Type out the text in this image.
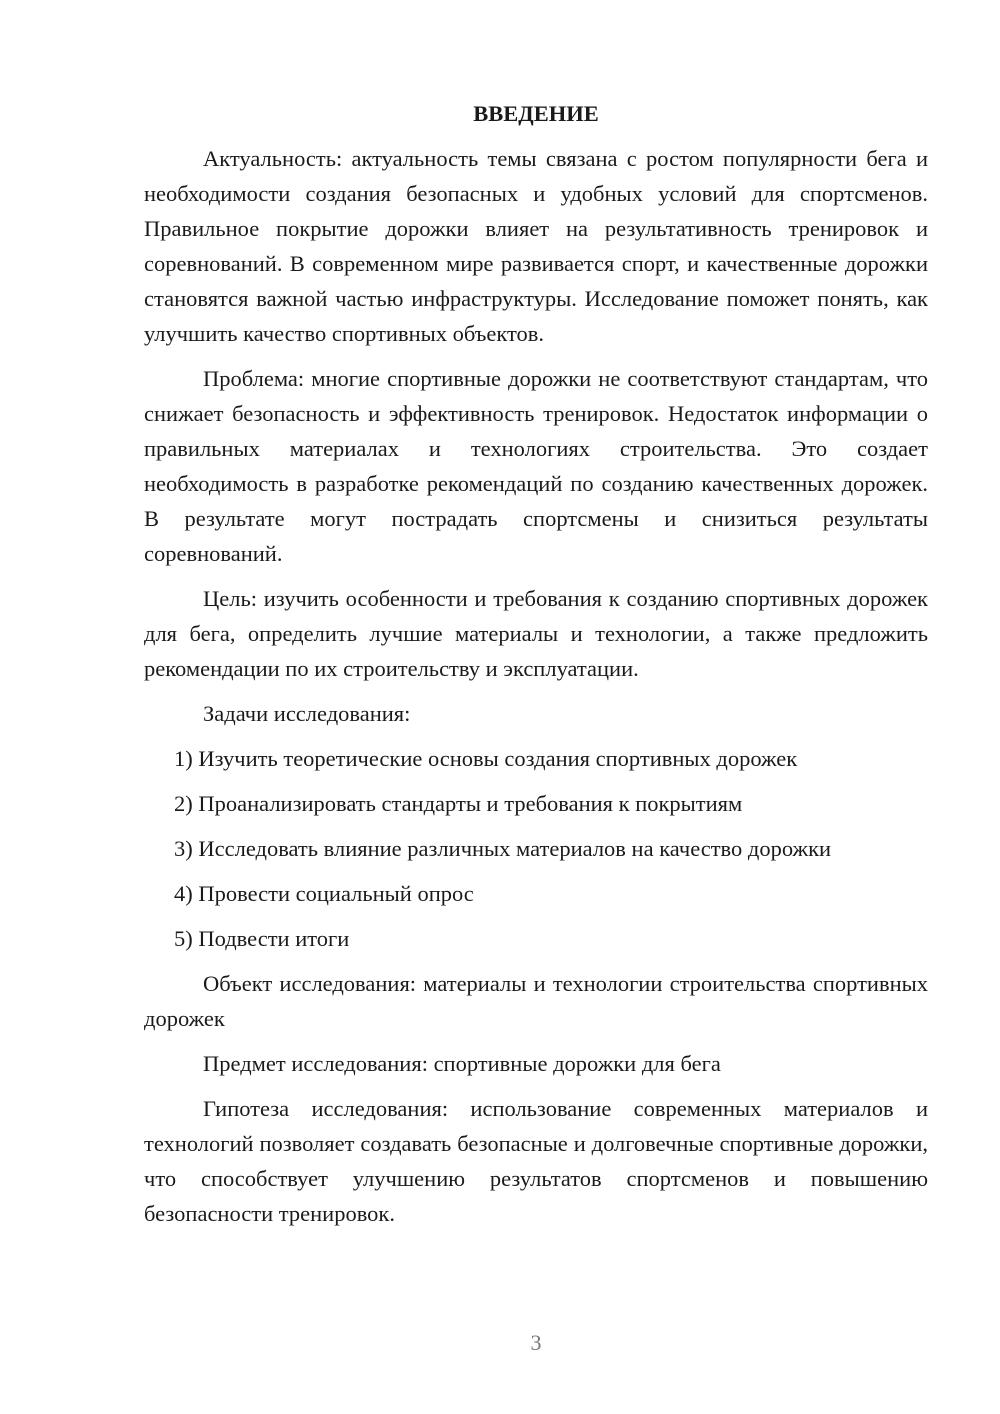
ВВЕДЕНИЕ

Актуальность: актуальность темы связана с ростом популярности бега и необходимости создания безопасных и удобных условий для спортсменов. Правильное покрытие дорожки влияет на результативность тренировок и соревнований. В современном мире развивается спорт, и качественные дорожки становятся важной частью инфраструктуры. Исследование поможет понять, как улучшить качество спортивных объектов.

Проблема: многие спортивные дорожки не соответствуют стандартам, что снижает безопасность и эффективность тренировок. Недостаток информации о правильных материалах и технологиях строительства. Это создает необходимость в разработке рекомендаций по созданию качественных дорожек. В результате могут пострадать спортсмены и снизиться результаты соревнований.

Цель: изучить особенности и требования к созданию спортивных дорожек для бега, определить лучшие материалы и технологии, а также предложить рекомендации по их строительству и эксплуатации.

Задачи исследования:

1) Изучить теоретические основы создания спортивных дорожек
2) Проанализировать стандарты и требования к покрытиям
3) Исследовать влияние различных материалов на качество дорожки
4) Провести социальный опрос
5) Подвести итоги

Объект исследования: материалы и технологии строительства спортивных дорожек

Предмет исследования: спортивные дорожки для бега

Гипотеза исследования: использование современных материалов и технологий позволяет создавать безопасные и долговечные спортивные дорожки, что способствует улучшению результатов спортсменов и повышению безопасности тренировок.

3
